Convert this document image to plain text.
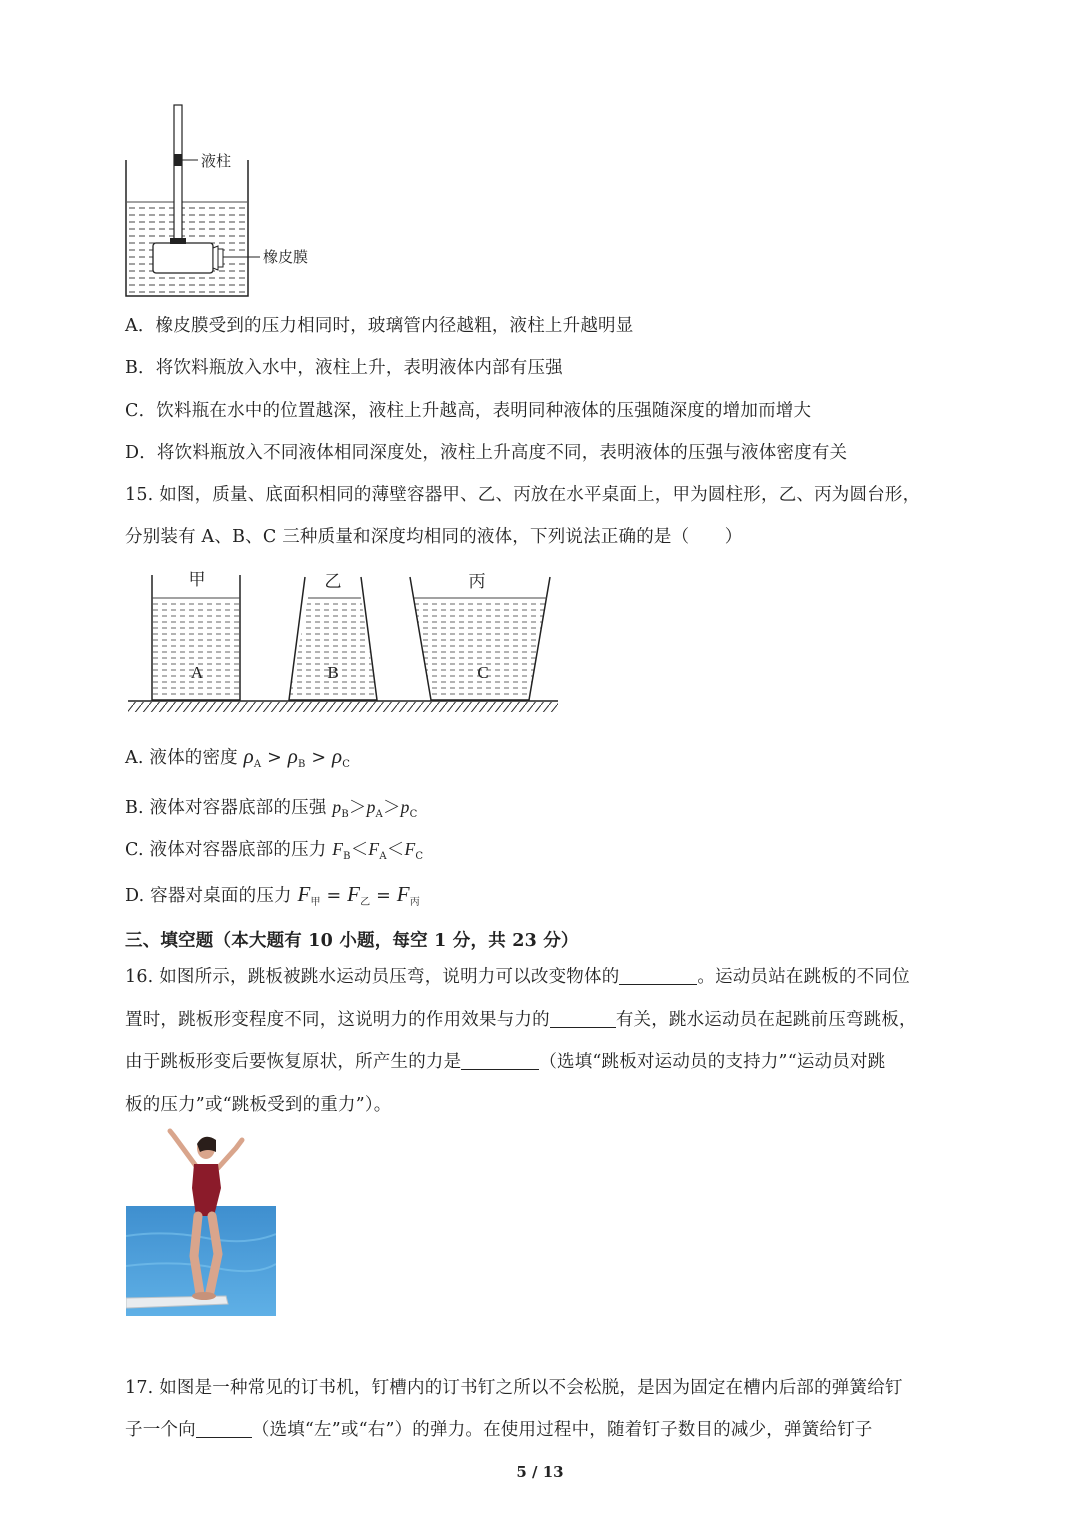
液柱
橡皮膜
A．橡皮膜受到的压力相同时，玻璃管内径越粗，液柱上升越明显
B．将饮料瓶放入水中，液柱上升，表明液体内部有压强
C．饮料瓶在水中的位置越深，液柱上升越高，表明同种液体的压强随深度的增加而增大
D．将饮料瓶放入不同液体相同深度处，液柱上升高度不同，表明液体的压强与液体密度有关
15. 如图，质量、底面积相同的薄壁容器甲、乙、丙放在水平桌面上，甲为圆柱形，乙、丙为圆台形，
分别装有 A、B、C 三种质量和深度均相同的液体，下列说法正确的是（　　）
甲	乙	丙
A	B	C
A. 液体的密度 $\rho_A > \rho_B > \rho_C$
B. 液体对容器底部的压强 $p_B>p_A>p_C$
C. 液体对容器底部的压力 $F_B<F_A<F_C$
D. 容器对桌面的压力 $F_甲 = F_乙 = F_丙$
三、填空题（本大题有 10 小题，每空 1 分，共 23 分）
16. 如图所示，跳板被跳水运动员压弯，说明力可以改变物体的	。运动员站在跳板的不同位
置时，跳板形变程度不同，这说明力的作用效果与力的	有关，跳水运动员在起跳前压弯跳板，
由于跳板形变后要恢复原状，所产生的力是	（选填“跳板对运动员的支持力”“运动员对跳
板的压力”或“跳板受到的重力”）。
17. 如图是一种常见的订书机，钉槽内的订书钉之所以不会松脱，是因为固定在槽内后部的弹簧给钉
子一个向	（选填“左”或“右”）的弹力。在使用过程中，随着钉子数目的减少，弹簧给钉子
5 / 13
